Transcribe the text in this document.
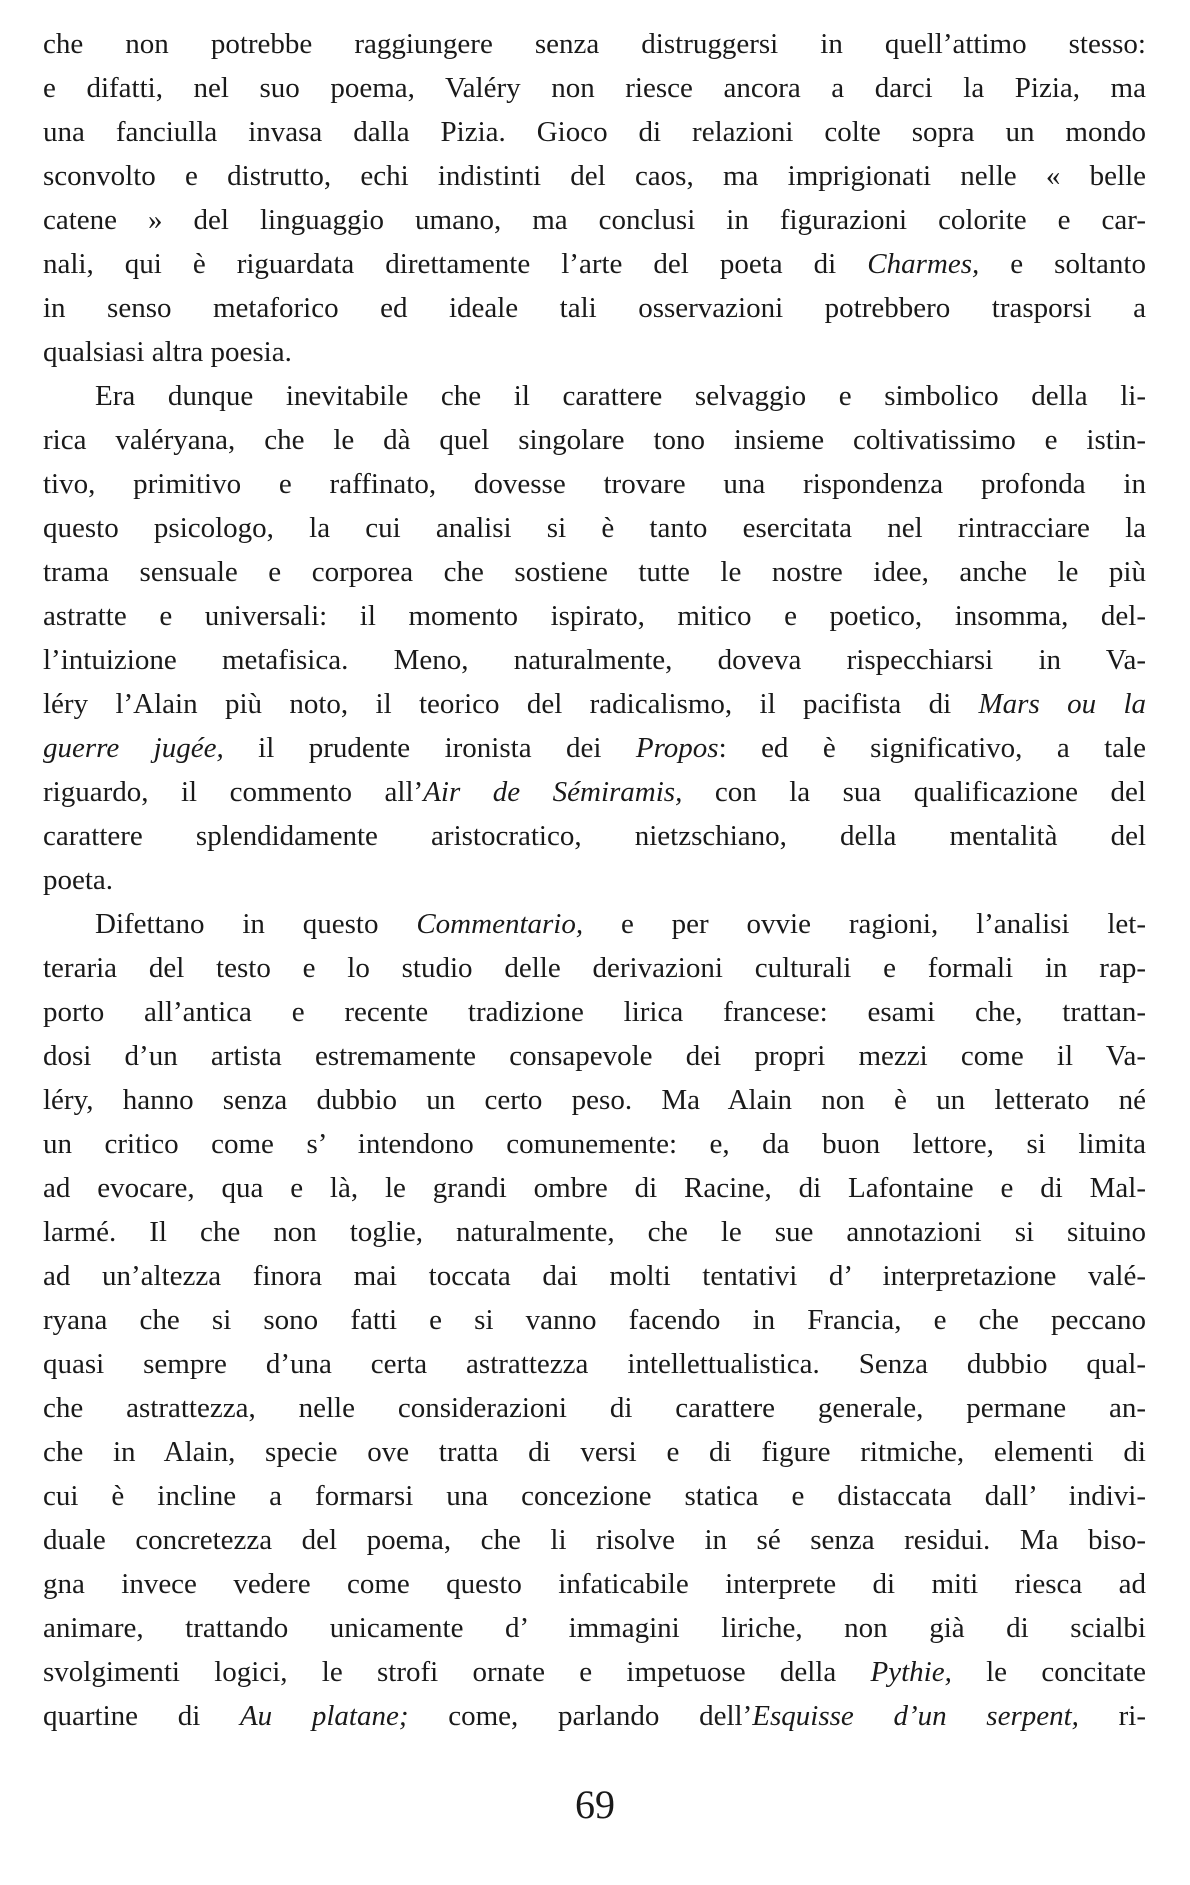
che non potrebbe raggiungere senza distruggersi in quell’attimo stesso:
e difatti, nel suo poema, Valéry non riesce ancora a darci la Pizia, ma
una fanciulla invasa dalla Pizia. Gioco di relazioni colte sopra un mondo
sconvolto e distrutto, echi indistinti del caos, ma imprigionati nelle « belle
catene » del linguaggio umano, ma conclusi in figurazioni colorite e car-
nali, qui è riguardata direttamente l’arte del poeta di Charmes, e soltanto
in senso metaforico ed ideale tali osservazioni potrebbero trasporsi a
qualsiasi altra poesia.
Era dunque inevitabile che il carattere selvaggio e simbolico della li-
rica valéryana, che le dà quel singolare tono insieme coltivatissimo e istin-
tivo, primitivo e raffinato, dovesse trovare una rispondenza profonda in
questo psicologo, la cui analisi si è tanto esercitata nel rintracciare la
trama sensuale e corporea che sostiene tutte le nostre idee, anche le più
astratte e universali: il momento ispirato, mitico e poetico, insomma, del-
l’intuizione metafisica. Meno, naturalmente, doveva rispecchiarsi in Va-
léry l’Alain più noto, il teorico del radicalismo, il pacifista di Mars ou la
guerre jugée, il prudente ironista dei Propos: ed è significativo, a tale
riguardo, il commento all’Air de Sémiramis, con la sua qualificazione del
carattere splendidamente aristocratico, nietzschiano, della mentalità del
poeta.
Difettano in questo Commentario, e per ovvie ragioni, l’analisi let-
teraria del testo e lo studio delle derivazioni culturali e formali in rap-
porto all’antica e recente tradizione lirica francese: esami che, trattan-
dosi d’un artista estremamente consapevole dei propri mezzi come il Va-
léry, hanno senza dubbio un certo peso. Ma Alain non è un letterato né
un critico come s’ intendono comunemente: e, da buon lettore, si limita
ad evocare, qua e là, le grandi ombre di Racine, di Lafontaine e di Mal-
larmé. Il che non toglie, naturalmente, che le sue annotazioni si situino
ad un’altezza finora mai toccata dai molti tentativi d’ interpretazione valé-
ryana che si sono fatti e si vanno facendo in Francia, e che peccano
quasi sempre d’una certa astrattezza intellettualistica. Senza dubbio qual-
che astrattezza, nelle considerazioni di carattere generale, permane an-
che in Alain, specie ove tratta di versi e di figure ritmiche, elementi di
cui è incline a formarsi una concezione statica e distaccata dall’ indivi-
duale concretezza del poema, che li risolve in sé senza residui. Ma biso-
gna invece vedere come questo infaticabile interprete di miti riesca ad
animare, trattando unicamente d’ immagini liriche, non già di scialbi
svolgimenti logici, le strofi ornate e impetuose della Pythie, le concitate
quartine di Au platane; come, parlando dell’Esquisse d’un serpent, ri-
69
